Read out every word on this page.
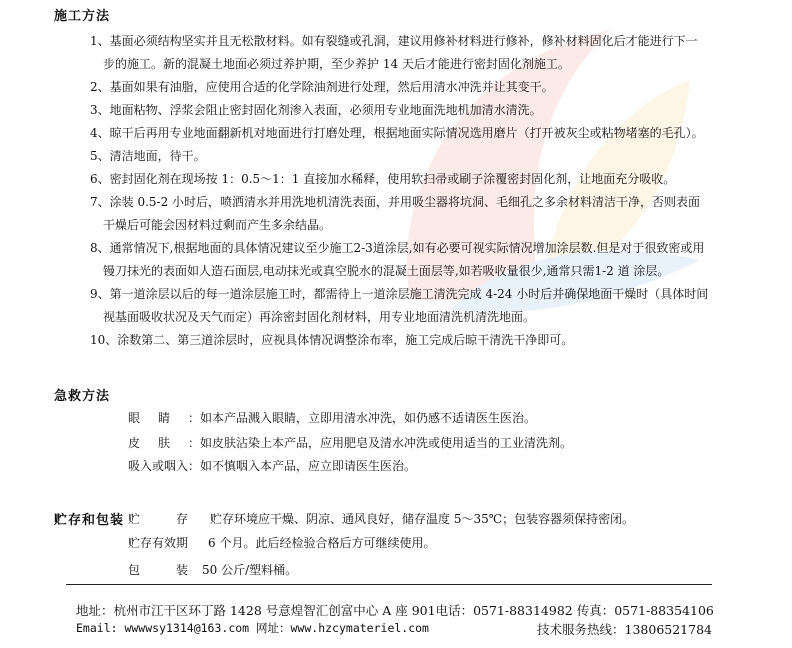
施工方法

1、基面必须结构坚实并且无松散材料。如有裂缝或孔洞，建议用修补材料进行修补，修补材料固化后才能进行下一
步的施工。新的混凝土地面必须过养护期，至少养护 14 天后才能进行密封固化剂施工。

2、基面如果有油脂，应使用合适的化学除油剂进行处理，然后用清水冲洗并让其变干。

3、地面粘物、浮浆会阻止密封固化剂渗入表面，必须用专业地面洗地机加清水清洗。

4、晾干后再用专业地面翻新机对地面进行打磨处理，根据地面实际情况选用磨片（打开被灰尘或粘物堵塞的毛孔）。

5、清洁地面，待干。

6、密封固化剂在现场按 1：0.5～1：1 直接加水稀释，使用软扫帚或刷子涂覆密封固化剂，让地面充分吸收。

7、涂装 0.5-2 小时后，喷洒清水并用洗地机清洗表面，并用吸尘器将坑洞、毛细孔之多余材料清洁干净，否则表面
干燥后可能会因材料过剩而产生多余结晶。

8、通常情况下,根据地面的具体情况建议至少施工2-3道涂层,如有必要可视实际情况增加涂层数.但是对于很致密或用
镘刀抹光的表面如人造石面层,电动抹光或真空脱水的混凝土面层等,如若吸收量很少,通常只需1-2 道 涂层。

9、第一道涂层以后的每一道涂层施工时，都需待上一道涂层施工清洗完成 4-24 小时后并确保地面干燥时（具体时间
视基面吸收状况及天气而定）再涂密封固化剂材料，用专业地面清洗机清洗地面。

10、涂数第二、第三道涂层时，应视具体情况调整涂布率，施工完成后晾干清洗干净即可。

急救方法
眼睛：如本产品溅入眼睛，立即用清水冲洗，如仍感不适请医生医治。
皮肤：如皮肤沾染上本产品，应用肥皂及清水冲洗或使用适当的工业清洗剂。
吸入或咽入：如不慎咽入本产品，应立即请医生医治。
贮存和包装 贮存 贮存环境应干燥、阴凉、通风良好，储存温度 5～35℃；包装容器须保持密闭。
贮存有效期 6 个月。此后经检验合格后方可继续使用。
包装 50 公斤/塑料桶。
地址：杭州市江干区环丁路 1428 号意煌智汇创富中心 A 座 901电话：0571-88314982 传真：0571-88354106
Email: wwwwsy1314@163.com 网址：www.hzcymateriel.com	技术服务热线：13806521784
